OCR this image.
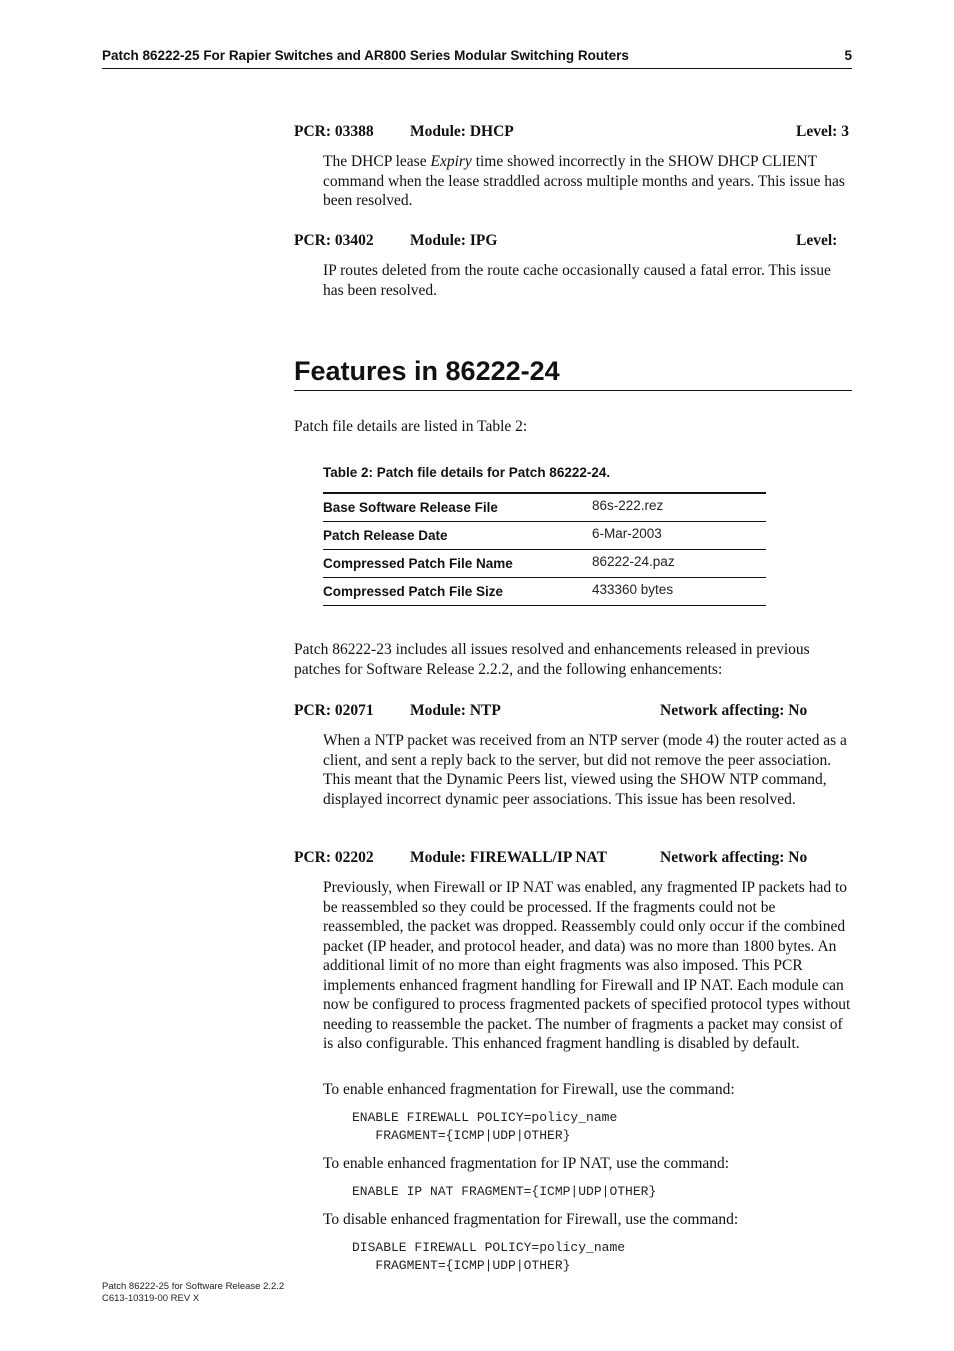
Patch 86222-25 For Rapier Switches and AR800 Series Modular Switching Routers	5
PCR: 03388 Module: DHCP	Level: 3
The DHCP lease Expiry time showed incorrectly in the SHOW DHCP CLIENT command when the lease straddled across multiple months and years. This issue has been resolved.
PCR: 03402 Module: IPG	Level:
IP routes deleted from the route cache occasionally caused a fatal error. This issue has been resolved.
Features in 86222-24
Patch file details are listed in Table 2:
Table 2: Patch file details for Patch 86222-24.
Base Software Release File	86s-222.rez
Patch Release Date	6-Mar-2003
Compressed Patch File Name	86222-24.paz
Compressed Patch File Size	433360 bytes
Patch 86222-23 includes all issues resolved and enhancements released in previous patches for Software Release 2.2.2, and the following enhancements:
PCR: 02071 Module: NTP	Network affecting: No
When a NTP packet was received from an NTP server (mode 4) the router acted as a client, and sent a reply back to the server, but did not remove the peer association. This meant that the Dynamic Peers list, viewed using the SHOW NTP command, displayed incorrect dynamic peer associations. This issue has been resolved.
PCR: 02202 Module: FIREWALL/IP NAT	Network affecting: No
Previously, when Firewall or IP NAT was enabled, any fragmented IP packets had to be reassembled so they could be processed. If the fragments could not be reassembled, the packet was dropped. Reassembly could only occur if the combined packet (IP header, and protocol header, and data) was no more than 1800 bytes. An additional limit of no more than eight fragments was also imposed. This PCR implements enhanced fragment handling for Firewall and IP NAT. Each module can now be configured to process fragmented packets of specified protocol types without needing to reassemble the packet. The number of fragments a packet may consist of is also configurable. This enhanced fragment handling is disabled by default.
To enable enhanced fragmentation for Firewall, use the command:
ENABLE FIREWALL POLICY=policy_name
FRAGMENT={ICMP|UDP|OTHER}
To enable enhanced fragmentation for IP NAT, use the command:
ENABLE IP NAT FRAGMENT={ICMP|UDP|OTHER}
To disable enhanced fragmentation for Firewall, use the command:
DISABLE FIREWALL POLICY=policy_name
FRAGMENT={ICMP|UDP|OTHER}
Patch 86222-25 for Software Release 2.2.2
C613-10319-00 REV X
